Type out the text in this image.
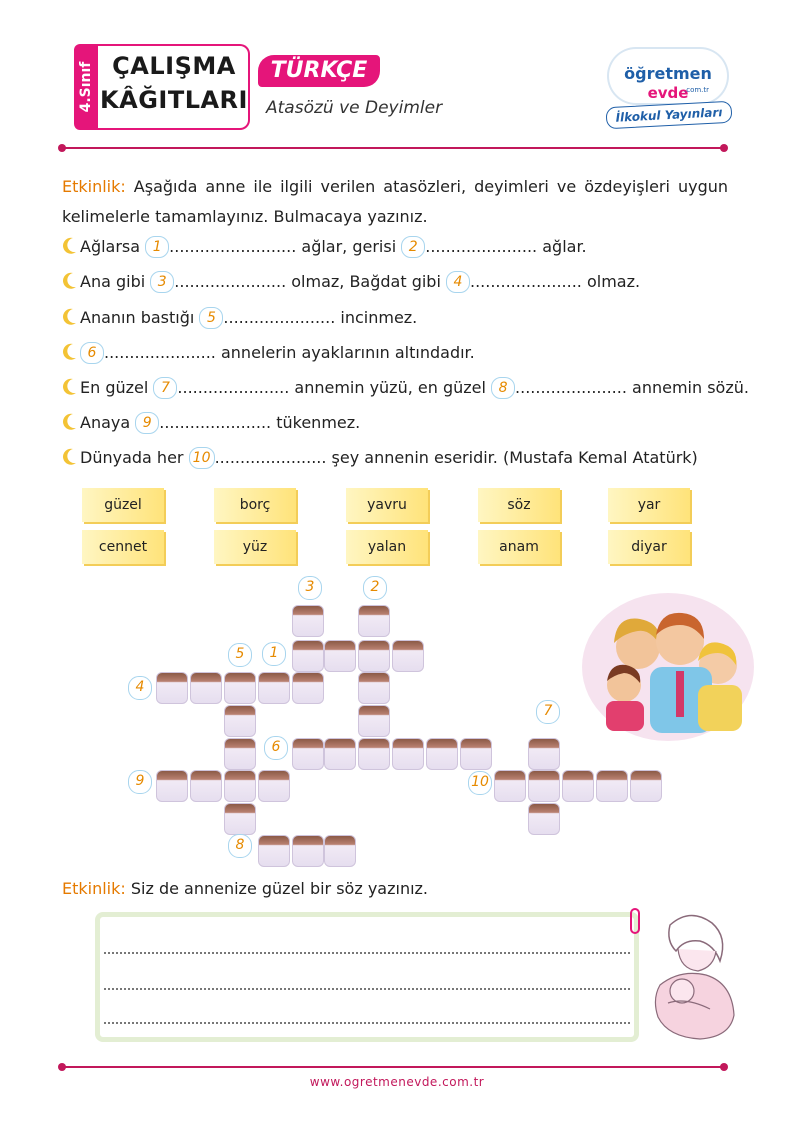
4.Sınıf ÇALIŞMA
KÂĞITLARI
TÜRKÇE
Atasözü ve Deyimler
öğretmen
evde
.com.tr
İlkokul Yayınları
Etkinlik: Aşağıda anne ile ilgili verilen atasözleri, deyimleri ve özdeyişleri uygun kelimelerle tamamlayınız. Bulmacaya yazınız.
Ağlarsa 1 ......................... ağlar, gerisi 2 ...................... ağlar.
Ana gibi 3 ...................... olmaz, Bağdat gibi 4 ...................... olmaz.
Ananın bastığı 5 ...................... incinmez.
6 ...................... annelerin ayaklarının altındadır.
En güzel 7 ...................... annemin yüzü, en güzel 8 ...................... annemin sözü.
Anaya 9 ...................... tükenmez.
Dünyada her 10 ...................... şey annenin eseridir. (Mustafa Kemal Atatürk)
güzel	borç	yavru	söz	yar
cennet	yüz	yalan	anam	diyar
1
2
3
4
5
6
7
8
9	10
Etkinlik: Siz de annenize güzel bir söz yazınız.
www.ogretmenevde.com.tr
